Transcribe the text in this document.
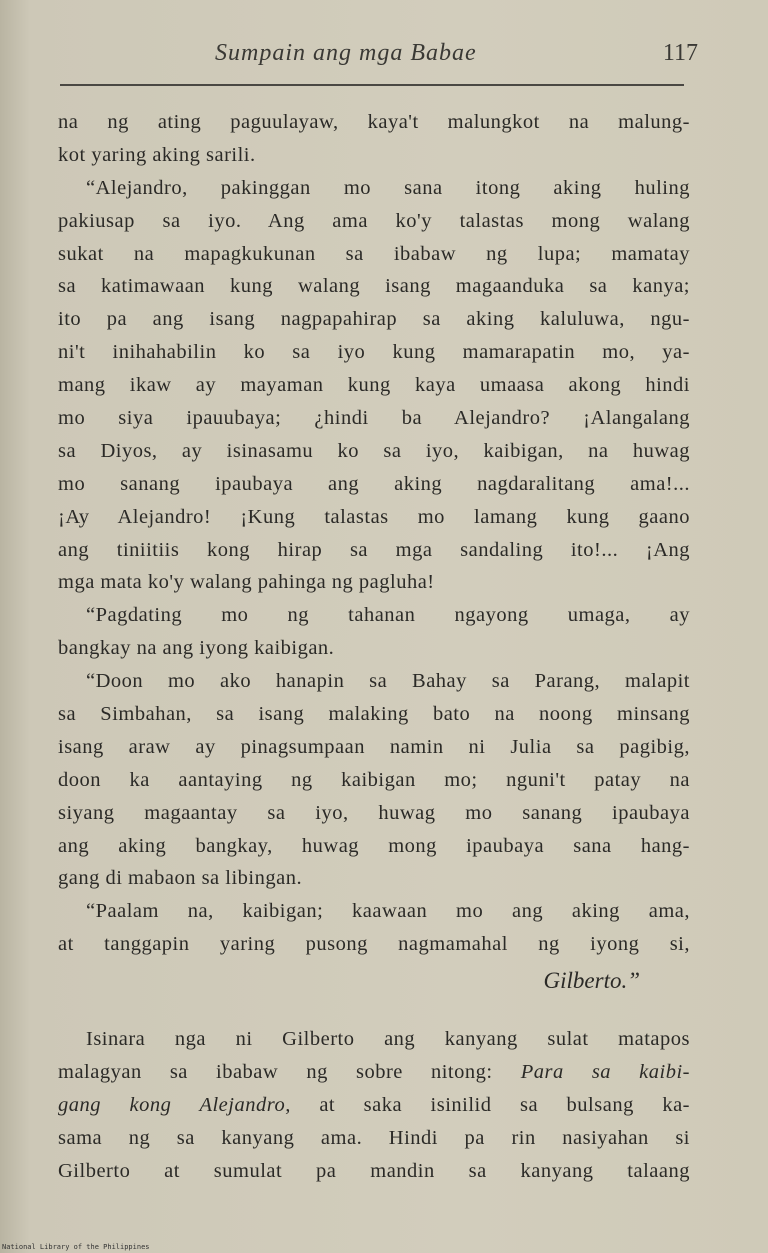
Sumpain ang mga Babae	117
na ng ating paguulayaw, kaya't malungkot na malung-
kot yaring aking sarili.
“Alejandro, pakinggan mo sana itong aking huling
pakiusap sa iyo. Ang ama ko'y talastas mong walang
sukat na mapagkukunan sa ibabaw ng lupa; mamatay
sa katimawaan kung walang isang magaanduka sa kanya;
ito pa ang isang nagpapahirap sa aking kaluluwa, ngu-
ni't inihahabilin ko sa iyo kung mamarapatin mo, ya-
mang ikaw ay mayaman kung kaya umaasa akong hindi
mo siya ipauubaya; ¿hindi ba Alejandro? ¡Alangalang
sa Diyos, ay isinasamu ko sa iyo, kaibigan, na huwag
mo sanang ipaubaya ang aking nagdaralitang ama!...
¡Ay Alejandro! ¡Kung talastas mo lamang kung gaano
ang tiniitiis kong hirap sa mga sandaling ito!... ¡Ang
mga mata ko'y walang pahinga ng pagluha!
“Pagdating mo ng tahanan ngayong umaga, ay
bangkay na ang iyong kaibigan.
“Doon mo ako hanapin sa Bahay sa Parang, malapit
sa Simbahan, sa isang malaking bato na noong minsang
isang araw ay pinagsumpaan namin ni Julia sa pagibig,
doon ka aantaying ng kaibigan mo; nguni't patay na
siyang magaantay sa iyo, huwag mo sanang ipaubaya
ang aking bangkay, huwag mong ipaubaya sana hang-
gang di mabaon sa libingan.
“Paalam na, kaibigan; kaawaan mo ang aking ama,
at tanggapin yaring pusong nagmamahal ng iyong si,
Gilberto.”
Isinara nga ni Gilberto ang kanyang sulat matapos
malagyan sa ibabaw ng sobre nitong: Para sa kaibi-
gang kong Alejandro, at saka isinilid sa bulsang ka-
sama ng sa kanyang ama. Hindi pa rin nasiyahan si
Gilberto at sumulat pa mandin sa kanyang talaang
National Library of the Philippines
